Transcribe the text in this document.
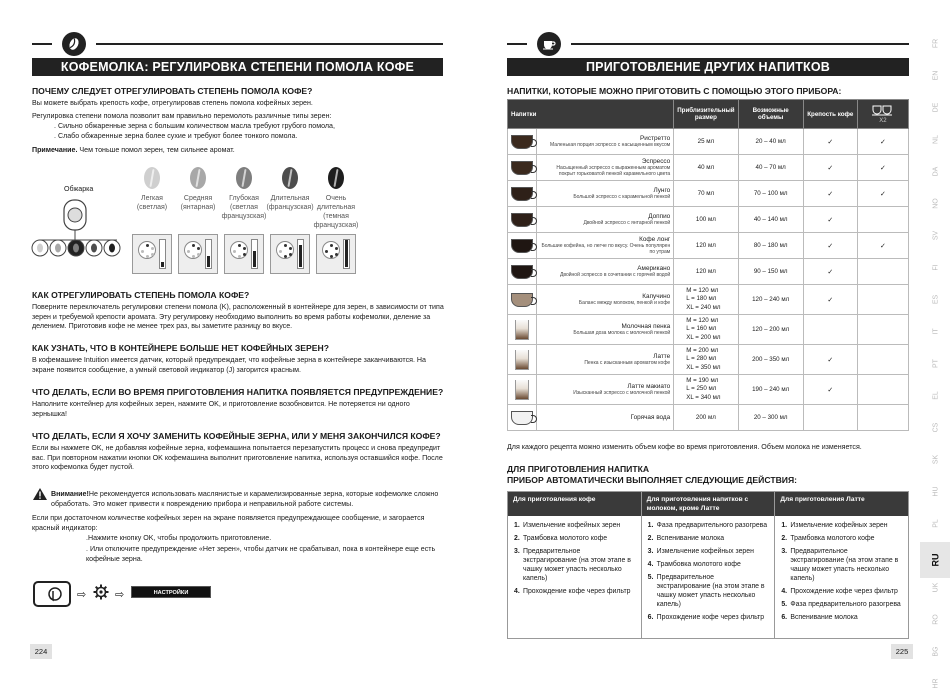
КОФЕМОЛКА: РЕГУЛИРОВКА СТЕПЕНИ ПОМОЛА КОФЕ
ПОЧЕМУ СЛЕДУЕТ ОТРЕГУЛИРОВАТЬ СТЕПЕНЬ ПОМОЛА КОФЕ?
Вы можете выбрать крепость кофе, отрегулировав степень помола кофейных зерен.
Регулировка степени помола позволит вам правильно перемолоть различные типы зерен:
. Сильно обжаренные зерна с большим количеством масла требуют грубого помола,
. Слабо обжаренные зерна более сухие и требуют более тонкого помола.
Примечание. Чем тоньше помол зерен, тем сильнее аромат.
Обжарка
Легкая (светлая)
Средняя (янтарная)
Глубокая (светлая французская)
Длительная (французская)
Очень длительная (темная французская)
КАК ОТРЕГУЛИРОВАТЬ СТЕПЕНЬ ПОМОЛА КОФЕ?
Поверните переключатель регулировки степени помола (K), расположенный в контейнере для зерен, в зависимости от типа зерен и требуемой крепости аромата. Эту регулировку необходимо выполнить во время работы кофемолки, деление за делением. Приготовив кофе не менее трех раз, вы заметите разницу во вкусе.
КАК УЗНАТЬ, ЧТО В КОНТЕЙНЕРЕ БОЛЬШЕ НЕТ КОФЕЙНЫХ ЗЕРЕН?
В кофемашине Intuition имеется датчик, который предупреждает, что кофейные зерна в контейнере заканчиваются. На экране появится сообщение, а умный световой индикатор (J) загорится красным.
ЧТО ДЕЛАТЬ, ЕСЛИ ВО ВРЕМЯ ПРИГОТОВЛЕНИЯ НАПИТКА ПОЯВЛЯЕТСЯ ПРЕДУПРЕЖДЕНИЕ?
Наполните контейнер для кофейных зерен, нажмите OK, и приготовление возобновится. Не потеряется ни одного зернышка!
ЧТО ДЕЛАТЬ, ЕСЛИ Я ХОЧУ ЗАМЕНИТЬ КОФЕЙНЫЕ ЗЕРНА, ИЛИ У МЕНЯ ЗАКОНЧИЛСЯ КОФЕ?
Если вы нажмете OK, не добавляя кофейные зерна, кофемашина попытается перезапустить процесс и снова предупредит вас. При повторном нажатии кнопки OK кофемашина выполнит приготовление напитка, используя оставшийся кофе. После этого кофемолка будет пустой.
Внимание!Не рекомендуется использовать маслянистые и карамелизированные зерна, которые кофемолке сложно обработать. Это может привести к повреждению прибора и неправильной работе системы.
Если при достаточном количестве кофейных зерен на экране появляется предупреждающее сообщение, и загорается красный индикатор:
.Нажмите кнопку OK, чтобы продолжить приготовление.
. Или отключите предупреждение «Нет зерен», чтобы датчик не срабатывал, пока в контейнере еще есть кофейные зерна.
⇨	⇨	НАСТРОЙКИ
224
ПРИГОТОВЛЕНИЕ ДРУГИХ НАПИТКОВ
НАПИТКИ, КОТОРЫЕ МОЖНО ПРИГОТОВИТЬ С ПОМОЩЬЮ ЭТОГО ПРИБОРА:
Напитки		Приблизительный размер	Возможные объемы	Крепость кофе	X2

	Ристретто
Маленькая порция эспрессо с насыщенным вкусом	25 мл	20 – 40 мл	✓	✓

	Эспрессо
Насыщенный эспрессо с выраженным ароматом покрыт горьковатой пенкой карамельного цвета	40 мл	40 – 70 мл	✓	✓

	Лунго
Большой эспрессо с карамельной пенкой	70 мл	70 – 100 мл	✓	✓

	Доппио
Двойной эспрессо с янтарной пенкой	100 мл	40 – 140 мл	✓	

	Кофе лонг
Большие кофейна, но легче по вкусу. Очень популярен по утрам	120 мл	80 – 180 мл	✓	✓

	Американо
Двойной эспрессо в сочетании с горячей водой	120 мл	90 – 150 мл	✓	

	Капучино
Баланс между молоком, пенкой и кофе	M = 120 мл
L = 180 мл
XL = 240 мл	120 – 240 мл	✓	

	Молочная пенка
Большая доза молока с молочной пенкой	M = 120 мл
L = 160 мл
XL = 200 мл	120 – 200 мл		

	Латте
Пенка с изысканным ароматом кофе	M = 200 мл
L = 280 мл
XL = 350 мл	200 – 350 мл	✓	

	Латте макиато
Изысканный эспрессо с молочной пенкой	M = 190 мл
L = 250 мл
XL = 340 мл	190 – 240 мл	✓	

	Горячая вода	200 мл	20 – 300 мл		
Для каждого рецепта можно изменить объем кофе во время приготовления. Объем молока не изменяется.
ДЛЯ ПРИГОТОВЛЕНИЯ НАПИТКА
ПРИБОР АВТОМАТИЧЕСКИ ВЫПОЛНЯЕТ СЛЕДУЮЩИЕ ДЕЙСТВИЯ:
Для приготовления кофе
1. Измельчение кофейных зерен
2. Трамбовка молотого кофе
3. Предварительное экстрагирование (на этом этапе в чашку может упасть несколько капель)
4. Прохождение кофе через фильтр
Для приготовления напитков с молоком, кроме Латте
1. Фаза предварительного разогрева
2. Вспенивание молока
3. Измельчение кофейных зерен
4. Трамбовка молотого кофе
5. Предварительное экстрагирование (на этом этапе в чашку может упасть несколько капель)
6. Прохождение кофе через фильтр
Для приготовления Латте
1. Измельчение кофейных зерен
2. Трамбовка молотого кофе
3. Предварительное экстрагирование (на этом этапе в чашку может упасть несколько капель)
4. Прохождение кофе через фильтр
5. Фаза предварительного разогрева
6. Вспенивание молока
225
FR
EN
DE
NL
DA
NO
SV
FI
ES
IT
PT
EL
CS
SK
HU
PL
RU
UK
RO
BG
HR
